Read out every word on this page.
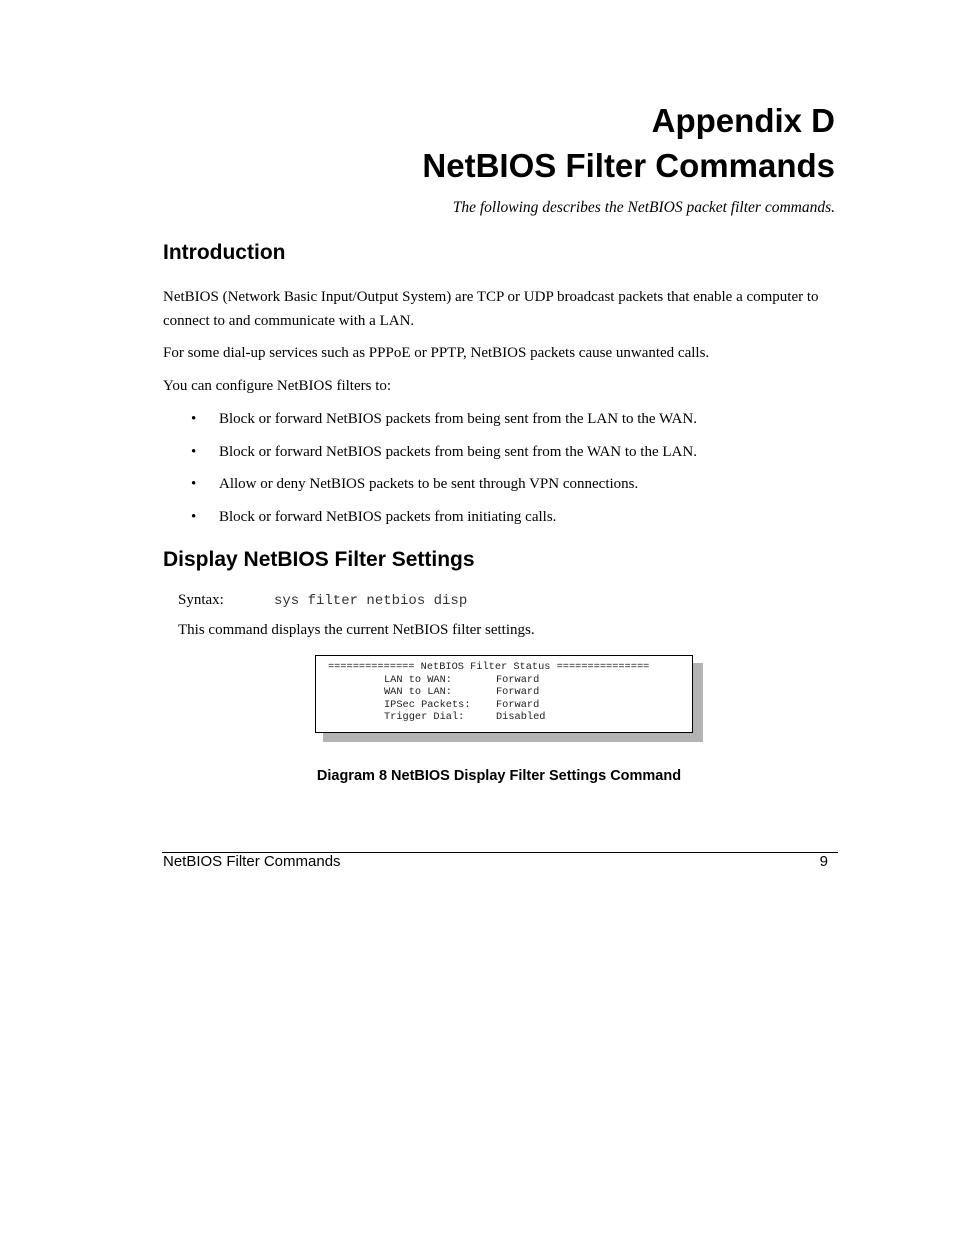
Appendix D
NetBIOS Filter Commands
The following describes the NetBIOS packet filter commands.
Introduction
NetBIOS (Network Basic Input/Output System) are TCP or UDP broadcast packets that enable a computer to connect to and communicate with a LAN.
For some dial-up services such as PPPoE or PPTP, NetBIOS packets cause unwanted calls.
You can configure NetBIOS filters to:
• Block or forward NetBIOS packets from being sent from the LAN to the WAN.
• Block or forward NetBIOS packets from being sent from the WAN to the LAN.
• Allow or deny NetBIOS packets to be sent through VPN connections.
• Block or forward NetBIOS packets from initiating calls.
Display NetBIOS Filter Settings
Syntax:	sys filter netbios disp
This command displays the current NetBIOS filter settings.
============== NetBIOS Filter Status ===============
LAN to WAN:	Forward
WAN to LAN:	Forward
IPSec Packets: Forward
Trigger Dial:	Disabled
Diagram 8 NetBIOS Display Filter Settings Command
NetBIOS Filter Commands	9
